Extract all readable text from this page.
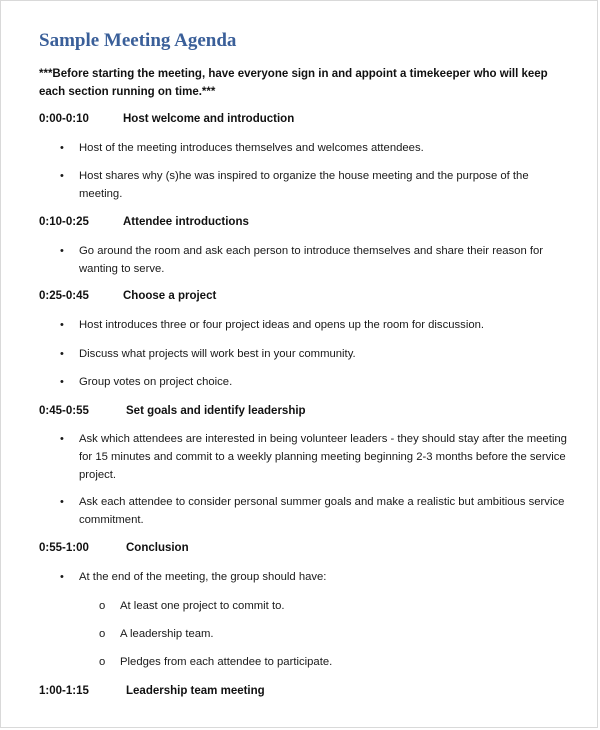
Sample Meeting Agenda
***Before starting the meeting, have everyone sign in and appoint a timekeeper who will keep each section running on time.***
0:00-0:10	Host welcome and introduction
• Host of the meeting introduces themselves and welcomes attendees.
• Host shares why (s)he was inspired to organize the house meeting and the purpose of the meeting.
0:10-0:25	Attendee introductions
• Go around the room and ask each person to introduce themselves and share their reason for wanting to serve.
0:25-0:45	Choose a project
• Host introduces three or four project ideas and opens up the room for discussion.
• Discuss what projects will work best in your community.
• Group votes on project choice.
0:45-0:55	Set goals and identify leadership
• Ask which attendees are interested in being volunteer leaders - they should stay after the meeting for 15 minutes and commit to a weekly planning meeting beginning 2-3 months before the service project.
• Ask each attendee to consider personal summer goals and make a realistic but ambitious service commitment.
0:55-1:00	Conclusion
• At the end of the meeting, the group should have:
o At least one project to commit to.
o A leadership team.
o Pledges from each attendee to participate.
1:00-1:15	Leadership team meeting
